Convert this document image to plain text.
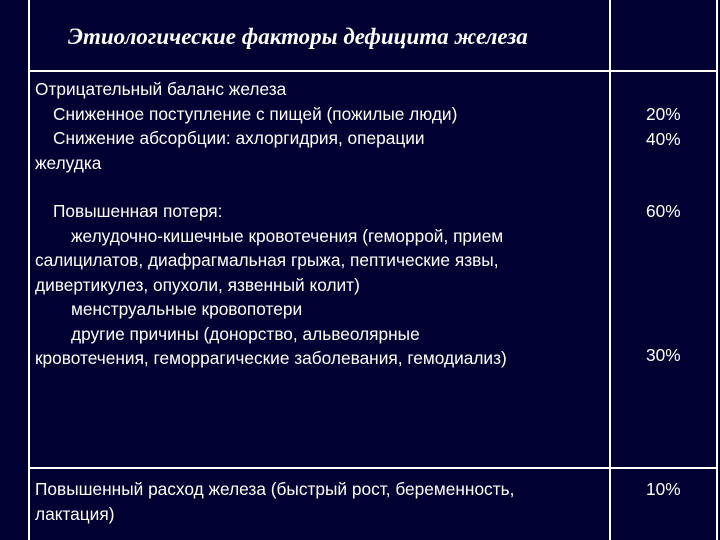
Этиологические факторы дефицита железа
Отрицательный баланс железа
Сниженное поступление с пищей (пожилые люди)
Снижение абсорбции: ахлоргидрия, операции
желудка
20%
40%
Повышенная потеря:
желудочно-кишечные кровотечения (геморрой, прием
салицилатов, диафрагмальная грыжа, пептические язвы,
дивертикулез, опухоли, язвенный колит)
менструальные кровопотери
другие причины (донорство, альвеолярные
кровотечения, геморрагические заболевания, гемодиализ)
60%
30%
Повышенный расход железа (быстрый рост, беременность,
лактация)
10%
